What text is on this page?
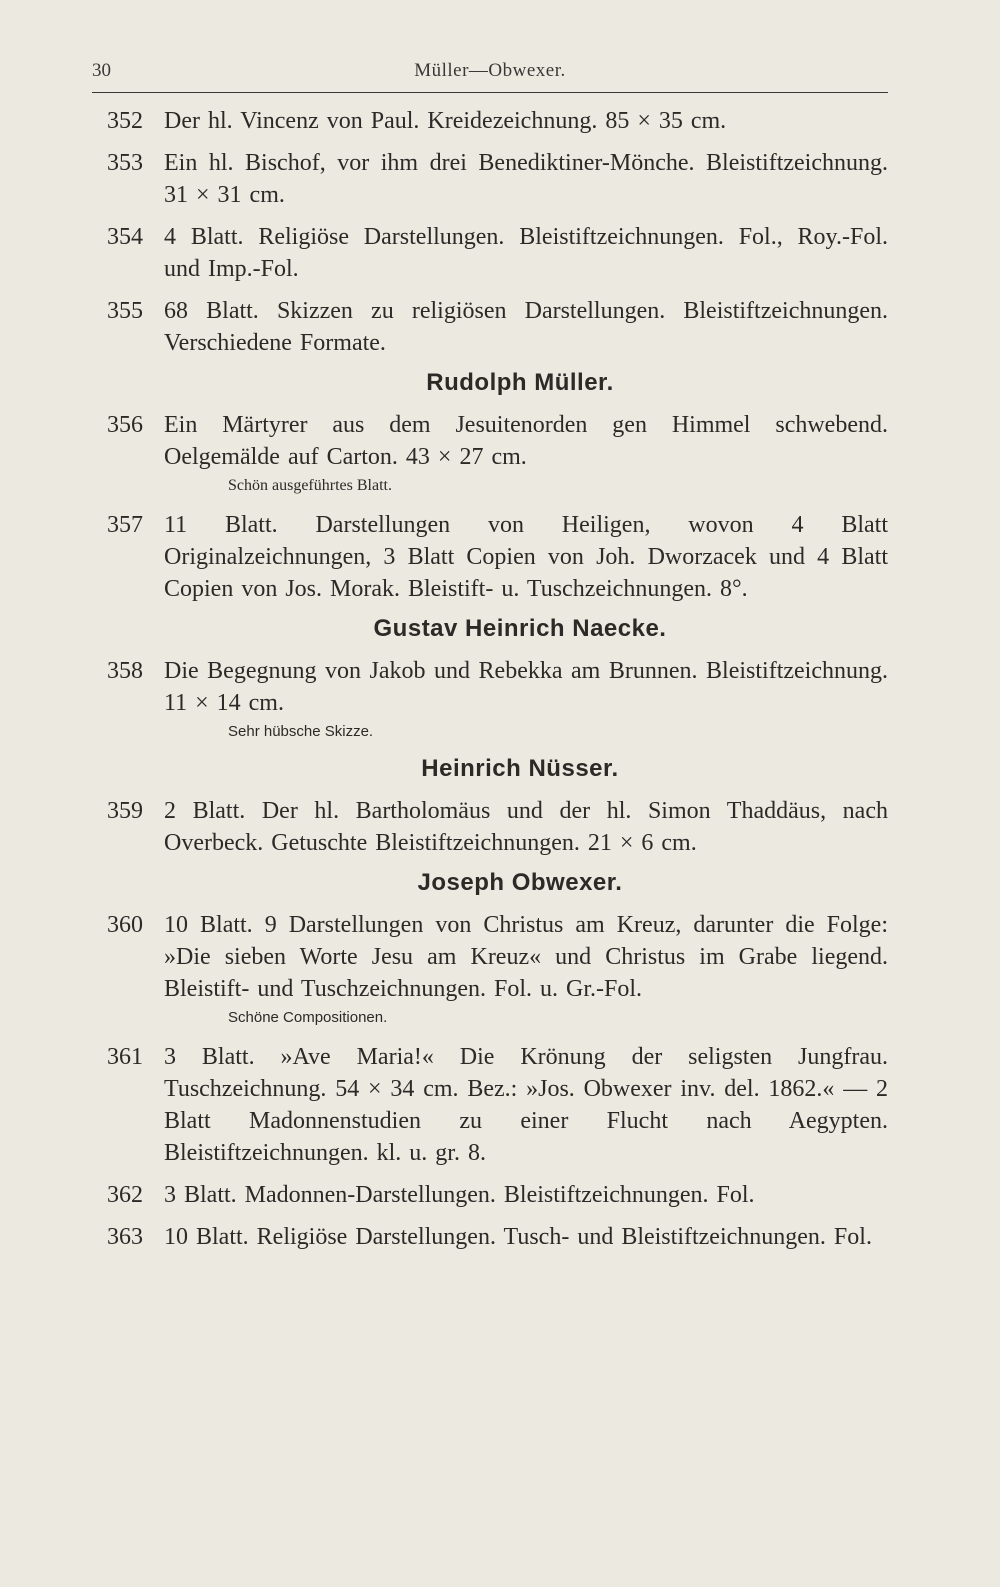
30	Müller—Obwexer.
352 Der hl. Vincenz von Paul. Kreidezeichnung. 85 × 35 cm.

353 Ein hl. Bischof, vor ihm drei Benediktiner-Mönche. Bleistiftzeichnung. 31 × 31 cm.

354 4 Blatt. Religiöse Darstellungen. Bleistiftzeichnungen. Fol., Roy.-Fol. und Imp.-Fol.

355 68 Blatt. Skizzen zu religiösen Darstellungen. Bleistiftzeichnungen. Verschiedene Formate.

Rudolph Müller.
356 Ein Märtyrer aus dem Jesuitenorden gen Himmel schwebend. Oelgemälde auf Carton. 43 × 27 cm.

Schön ausgeführtes Blatt.
357 11 Blatt. Darstellungen von Heiligen, wovon 4 Blatt Originalzeichnungen, 3 Blatt Copien von Joh. Dworzacek und 4 Blatt Copien von Jos. Morak. Bleistift- u. Tuschzeichnungen. 8°.

Gustav Heinrich Naecke.
358 Die Begegnung von Jakob und Rebekka am Brunnen. Bleistiftzeichnung. 11 × 14 cm.

Sehr hübsche Skizze.
Heinrich Nüsser.
359 2 Blatt. Der hl. Bartholomäus und der hl. Simon Thaddäus, nach Overbeck. Getuschte Bleistiftzeichnungen. 21 × 6 cm.

Joseph Obwexer.
360 10 Blatt. 9 Darstellungen von Christus am Kreuz, darunter die Folge: »Die sieben Worte Jesu am Kreuz« und Christus im Grabe liegend. Bleistift- und Tuschzeichnungen. Fol. u. Gr.-Fol.

Schöne Compositionen.
361 3 Blatt. »Ave Maria!« Die Krönung der seligsten Jungfrau. Tuschzeichnung. 54 × 34 cm. Bez.: »Jos. Obwexer inv. del. 1862.« — 2 Blatt Madonnenstudien zu einer Flucht nach Aegypten. Bleistiftzeichnungen. kl. u. gr. 8.

362 3 Blatt. Madonnen-Darstellungen. Bleistiftzeichnungen. Fol.

363 10 Blatt. Religiöse Darstellungen. Tusch- und Bleistiftzeichnungen. Fol.
